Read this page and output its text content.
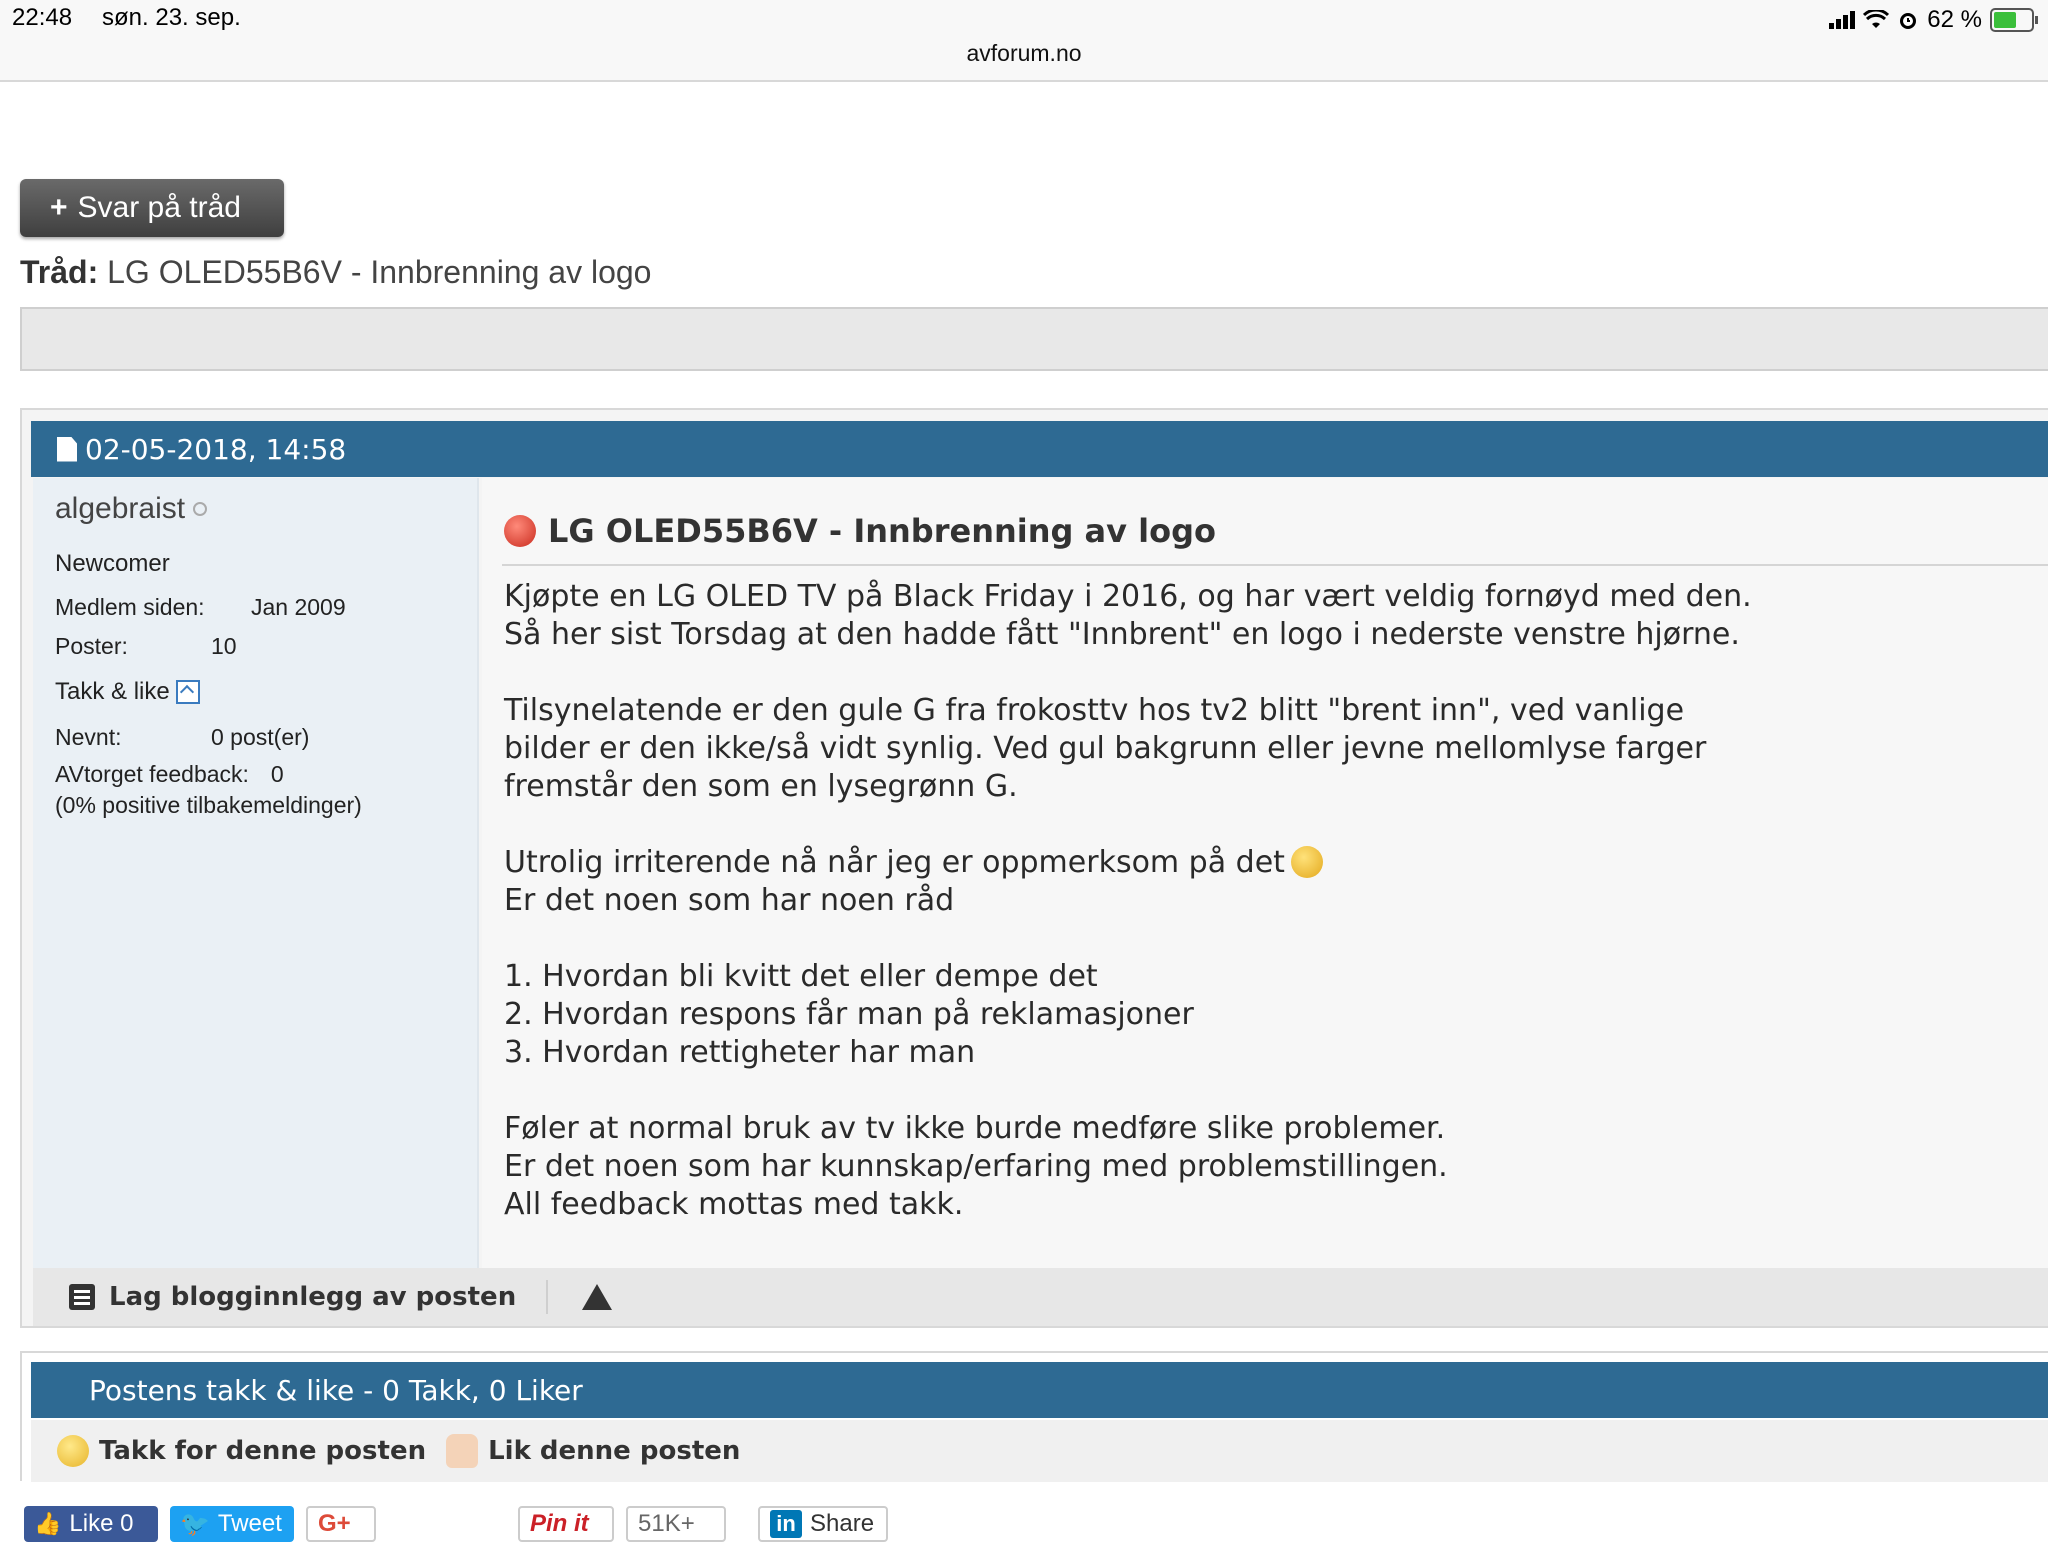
22:48 søn. 23. sep.	62 %
avforum.no
+ Svar på tråd
Tråd: LG OLED55B6V - Innbrenning av logo
02-05-2018, 14:58
algebraist
Newcomer
Medlem siden:	Jan 2009
Poster:	10
Takk & like
Nevnt:	0 post(er)
AVtorget feedback: 0
(0% positive tilbakemeldinger)
LG OLED55B6V - Innbrenning av logo
Kjøpte en LG OLED TV på Black Friday i 2016, og har vært veldig fornøyd med den.
Så her sist Torsdag at den hadde fått "Innbrent" en logo i nederste venstre hjørne.

Tilsynelatende er den gule G fra frokosttv hos tv2 blitt "brent inn", ved vanlige
bilder er den ikke/så vidt synlig. Ved gul bakgrunn eller jevne mellomlyse farger
fremstår den som en lysegrønn G.

Utrolig irriterende nå når jeg er oppmerksom på det
Er det noen som har noen råd

1. Hvordan bli kvitt det eller dempe det
2. Hvordan respons får man på reklamasjoner
3. Hvordan rettigheter har man

Føler at normal bruk av tv ikke burde medføre slike problemer.
Er det noen som har kunnskap/erfaring med problemstillingen.
All feedback mottas med takk.
Lag blogginnlegg av posten
Postens takk & like - 0 Takk, 0 Liker
Takk for denne posten Lik denne posten
👍 Like 0 🐦 Tweet G+	Pin it 51K+	in Share
